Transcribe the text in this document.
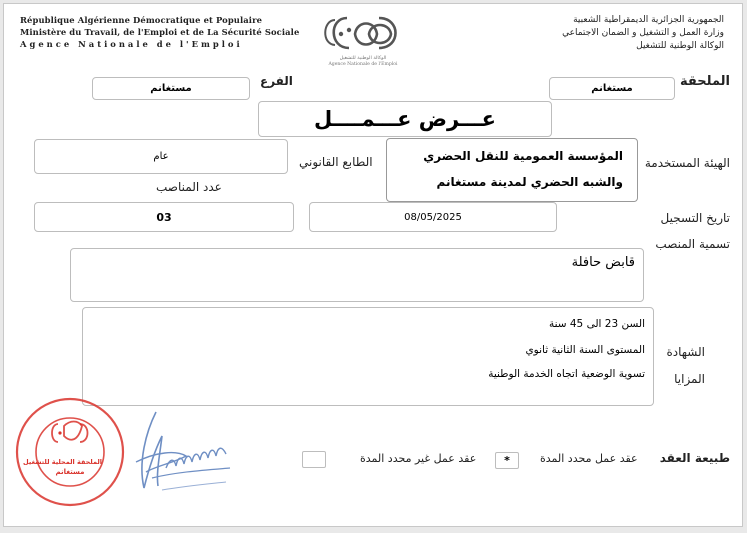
République Algérienne Démocratique et Populaire
Ministère du Travail, de l'Emploi et de La Sécurité Sociale
Agence Nationale de l'Emploi
الوكالة الوطنية للتشغيل
Agence Nationale de l'Emploi
الجمهورية الجزائرية الديمقراطية الشعبية
وزارة العمل و التشغيل و الضمان الاجتماعي
الوكالة الوطنية للتشغيل
الملحقة
مستغانم
الفرع
مستغانم
عـــرض عـــمــــل
الهيئة المستخدمة
المؤسسة العمومية للنقل الحضري
والشبه الحضري لمدينة مستغانم
الطابع القانوني
عام
عدد المناصب
03	تاريخ التسجيل
08/05/2025
تسمية المنصب
قابض حافلة
السن 23 الى 45 سنة
المستوى السنة الثانية ثانوي
تسوية الوضعية اتجاه الخدمة الوطنية
الشهادة
المزايا
طبيعة العقد
عقد عمل محدد المدة
*
عقد عمل غير محدد المدة
الملحقة المحلية للتشغيل
مستغانم
